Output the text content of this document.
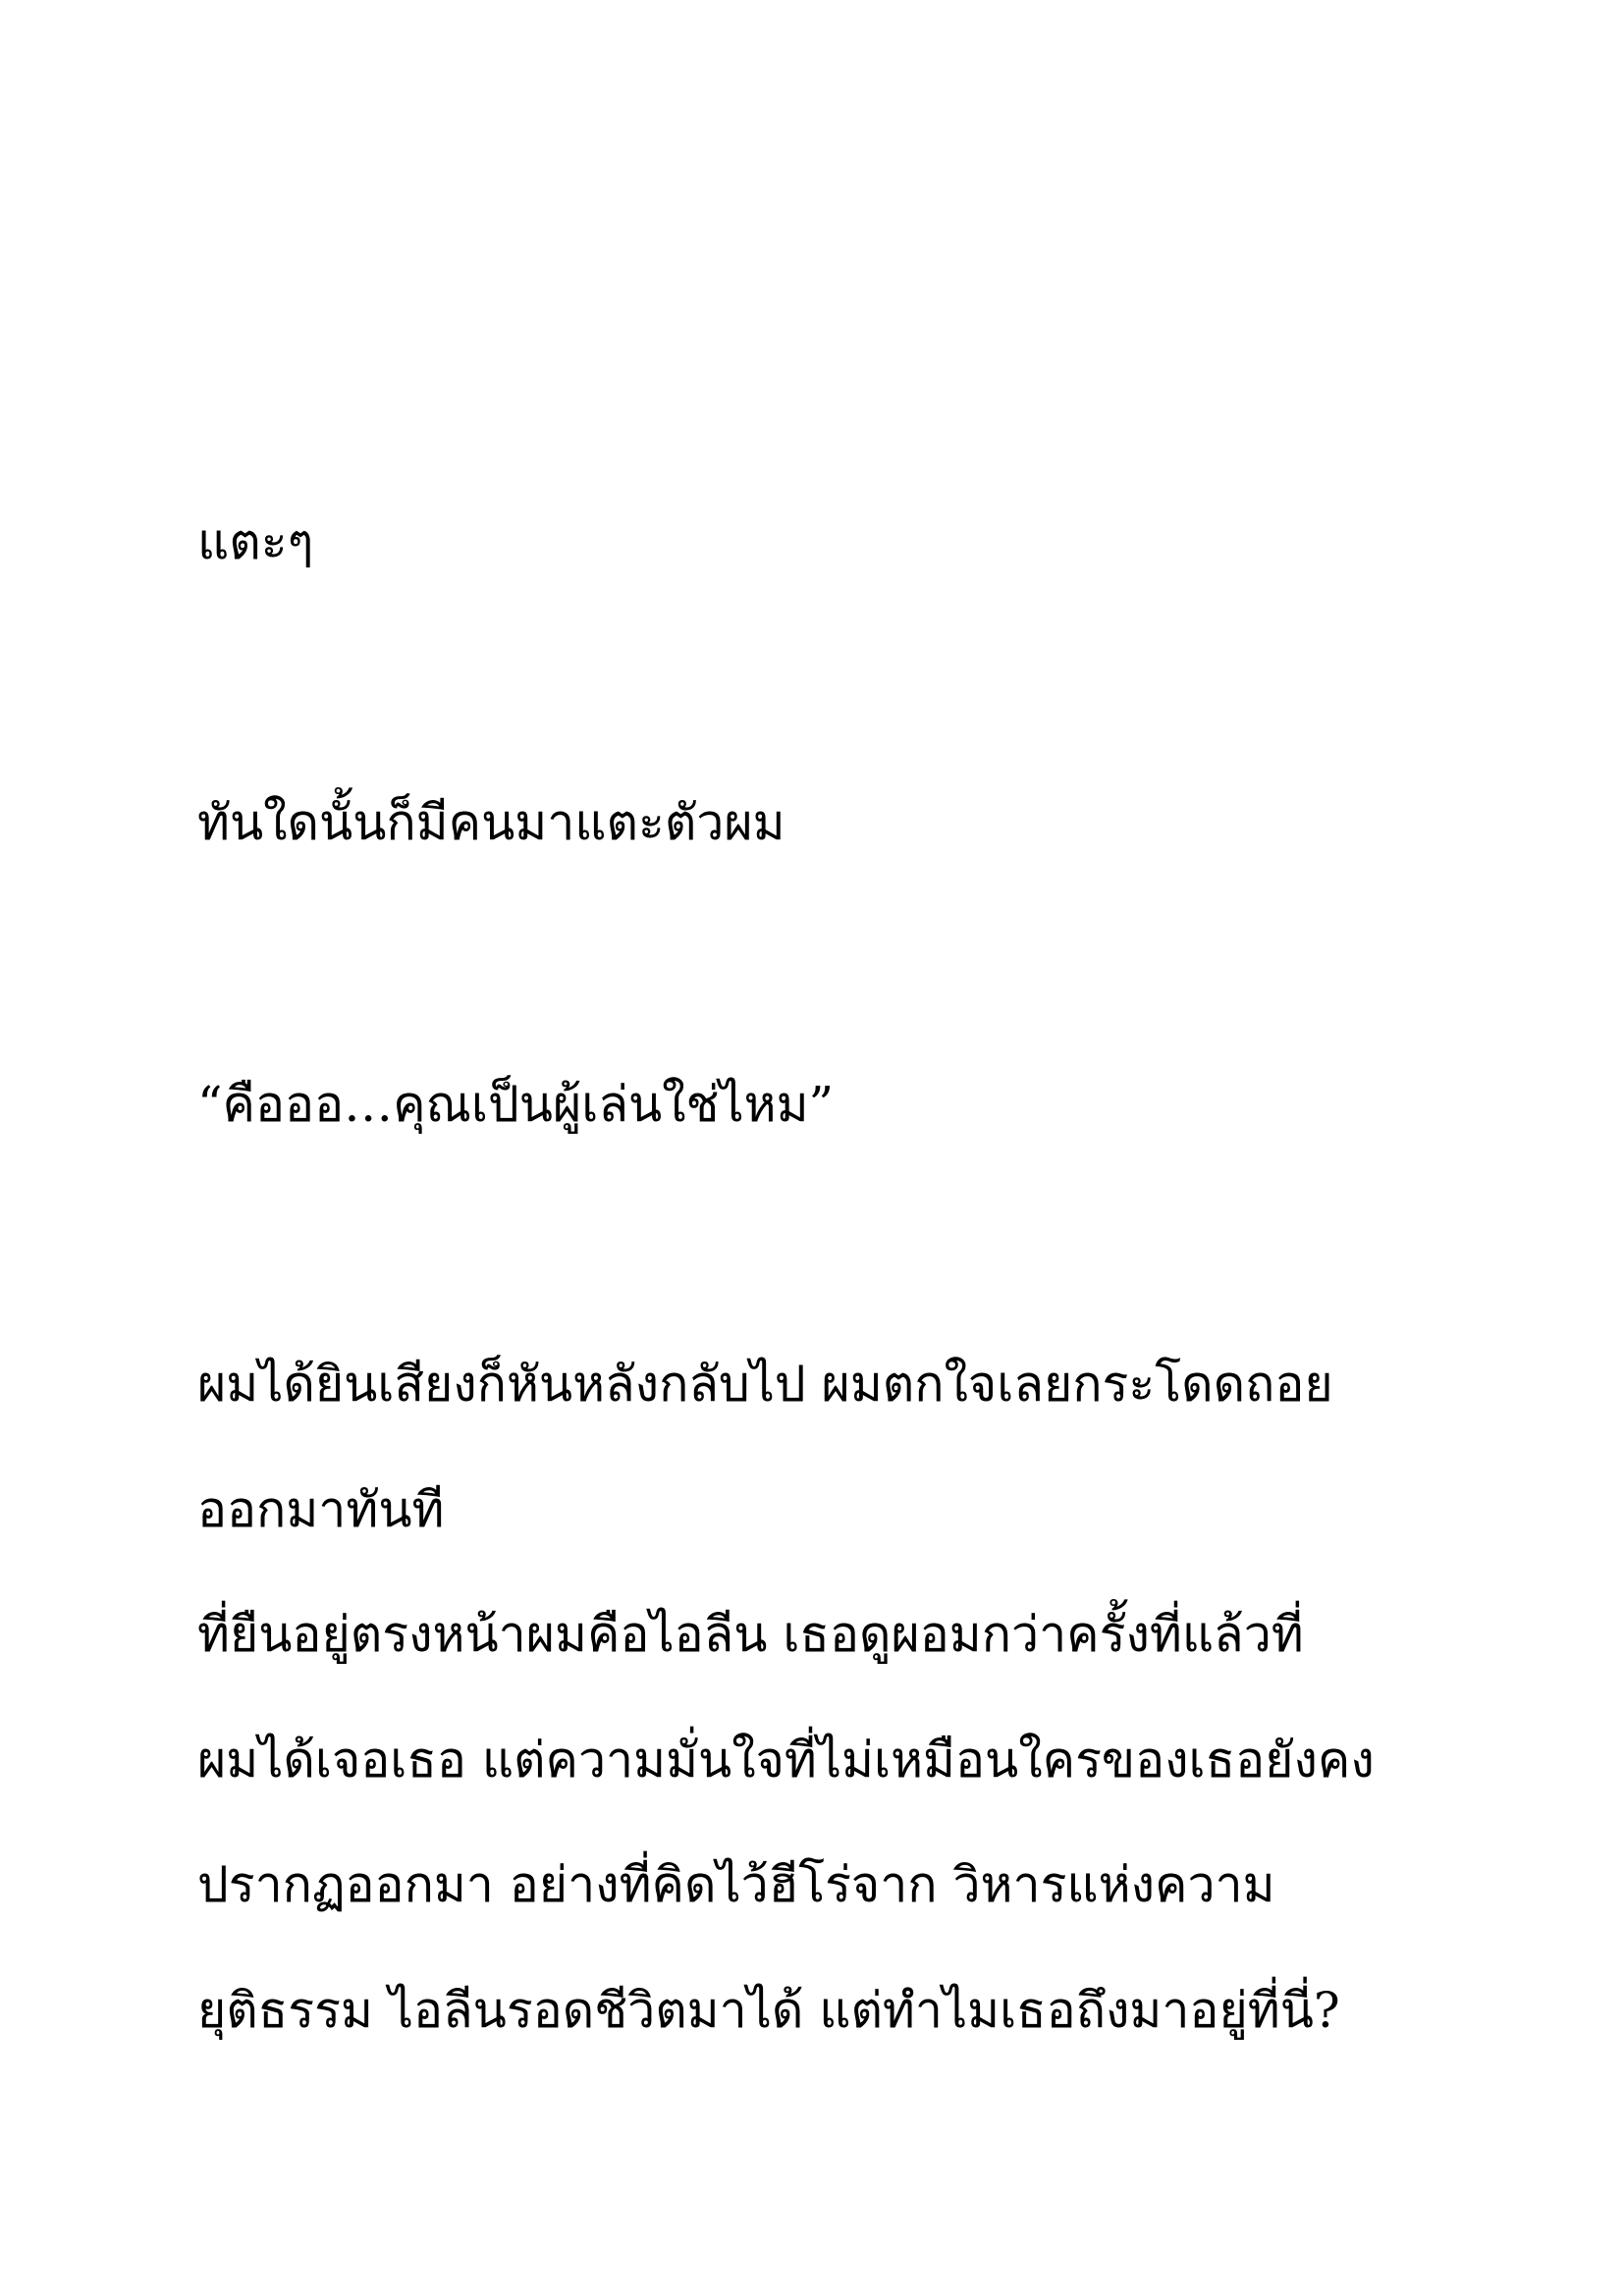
แตะๆ

ทันใดนั้นก็มีคนมาแตะตัวผม

“คือออ…คุณเป็นผู้เล่นใช่ไหม”

ผมได้ยินเสียงก็หันหลังกลับไป ผมตกใจเลยกระโดดถอย

ออกมาทันที

ที่ยืนอยู่ตรงหน้าผมคือไอลีน เธอดูผอมกว่าครั้งที่แล้วที่

ผมได้เจอเธอ แต่ความมั่นใจที่ไม่เหมือนใครของเธอยังคง

ปรากฏออกมา อย่างที่คิดไว้ฮีโร่จาก วิหารแห่งความ

ยุติธรรม ไอลีนรอดชีวิตมาได้ แต่ทำไมเธอถึงมาอยู่ที่นี่?
